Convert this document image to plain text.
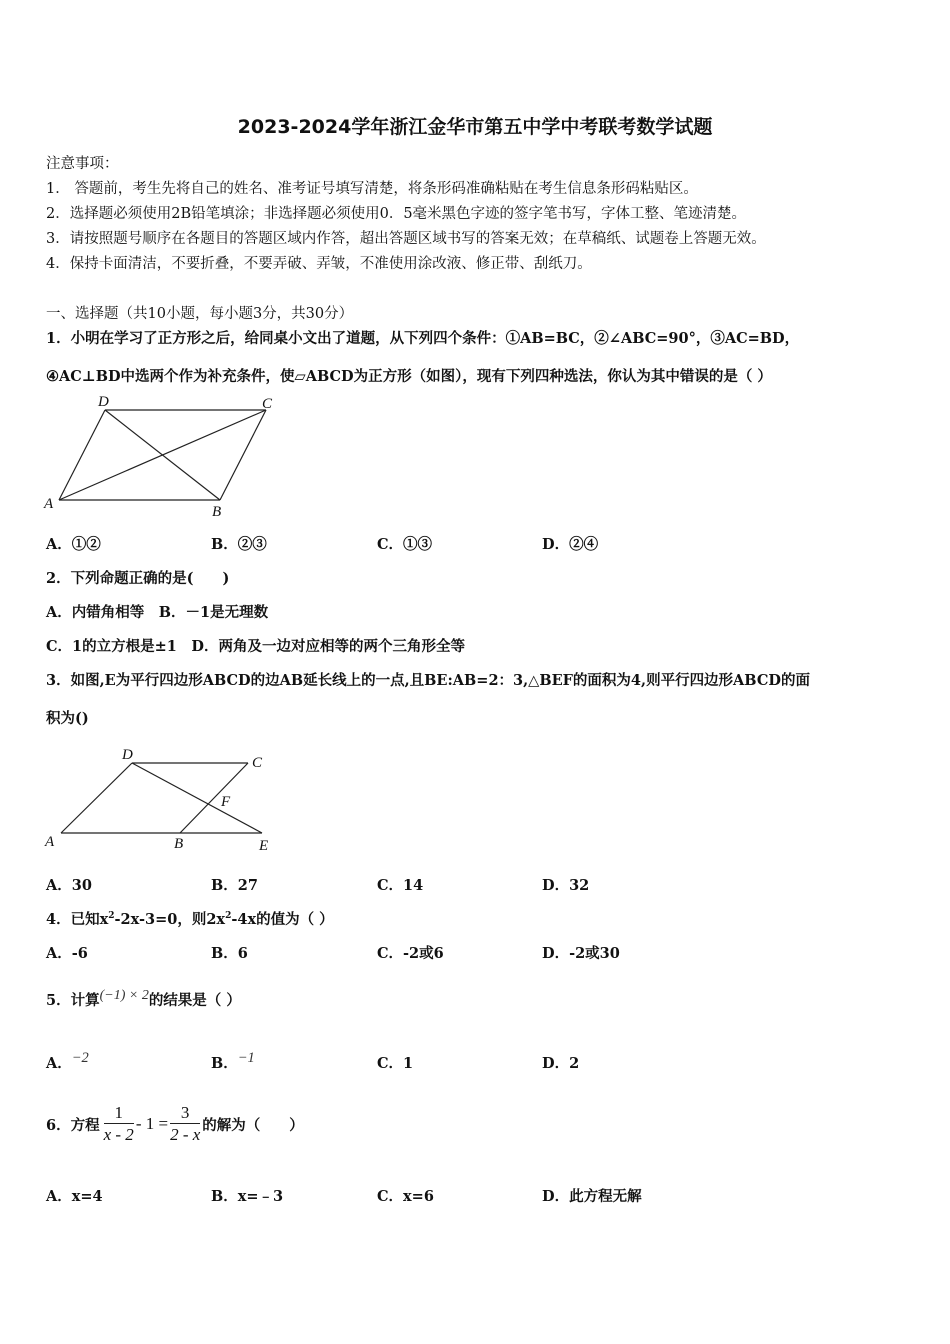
2023-2024学年浙江金华市第五中学中考联考数学试题
注意事项：
1． 答题前，考生先将自己的姓名、准考证号填写清楚，将条形码准确粘贴在考生信息条形码粘贴区。
2．选择题必须使用2B铅笔填涂；非选择题必须使用0．5毫米黑色字迹的签字笔书写，字体工整、笔迹清楚。
3．请按照题号顺序在各题目的答题区域内作答，超出答题区域书写的答案无效；在草稿纸、试题卷上答题无效。
4．保持卡面清洁，不要折叠，不要弄破、弄皱，不准使用涂改液、修正带、刮纸刀。
一、选择题（共10小题，每小题3分，共30分）
1．小明在学习了正方形之后，给同桌小文出了道题，从下列四个条件：①AB=BC，②∠ABC=90°，③AC=BD，
④AC⊥BD中选两个作为补充条件，使▱ABCD为正方形（如图），现有下列四种选法，你认为其中错误的是（ ）
D	C
A	B
A．①②	B．②③	C．①③	D．②④
2．下列命题正确的是(　　)
A．内错角相等　B．－1是无理数
C．1的立方根是±1　D．两角及一边对应相等的两个三角形全等
3．如图,E为平行四边形ABCD的边AB延长线上的一点,且BE:AB=2：3,△BEF的面积为4,则平行四边形ABCD的面
积为()
D	C
F
A	B	E
A．30	B．27	C．14	D．32
4．已知$x^2-2x-3=0$，则$2x^2-4x$的值为（ ）
A．-6	B．6	C．-2或6	D．-2或30
5．计算(−1) × 2的结果是（ ）
A．−2	B．−1	C．1	D．2
6．方程 $\frac{1}{x - 2} - 1 = \frac{3}{2 - x}$ 的解为（　　）
A．x=4	B．x=﹣3	C．x=6	D．此方程无解
